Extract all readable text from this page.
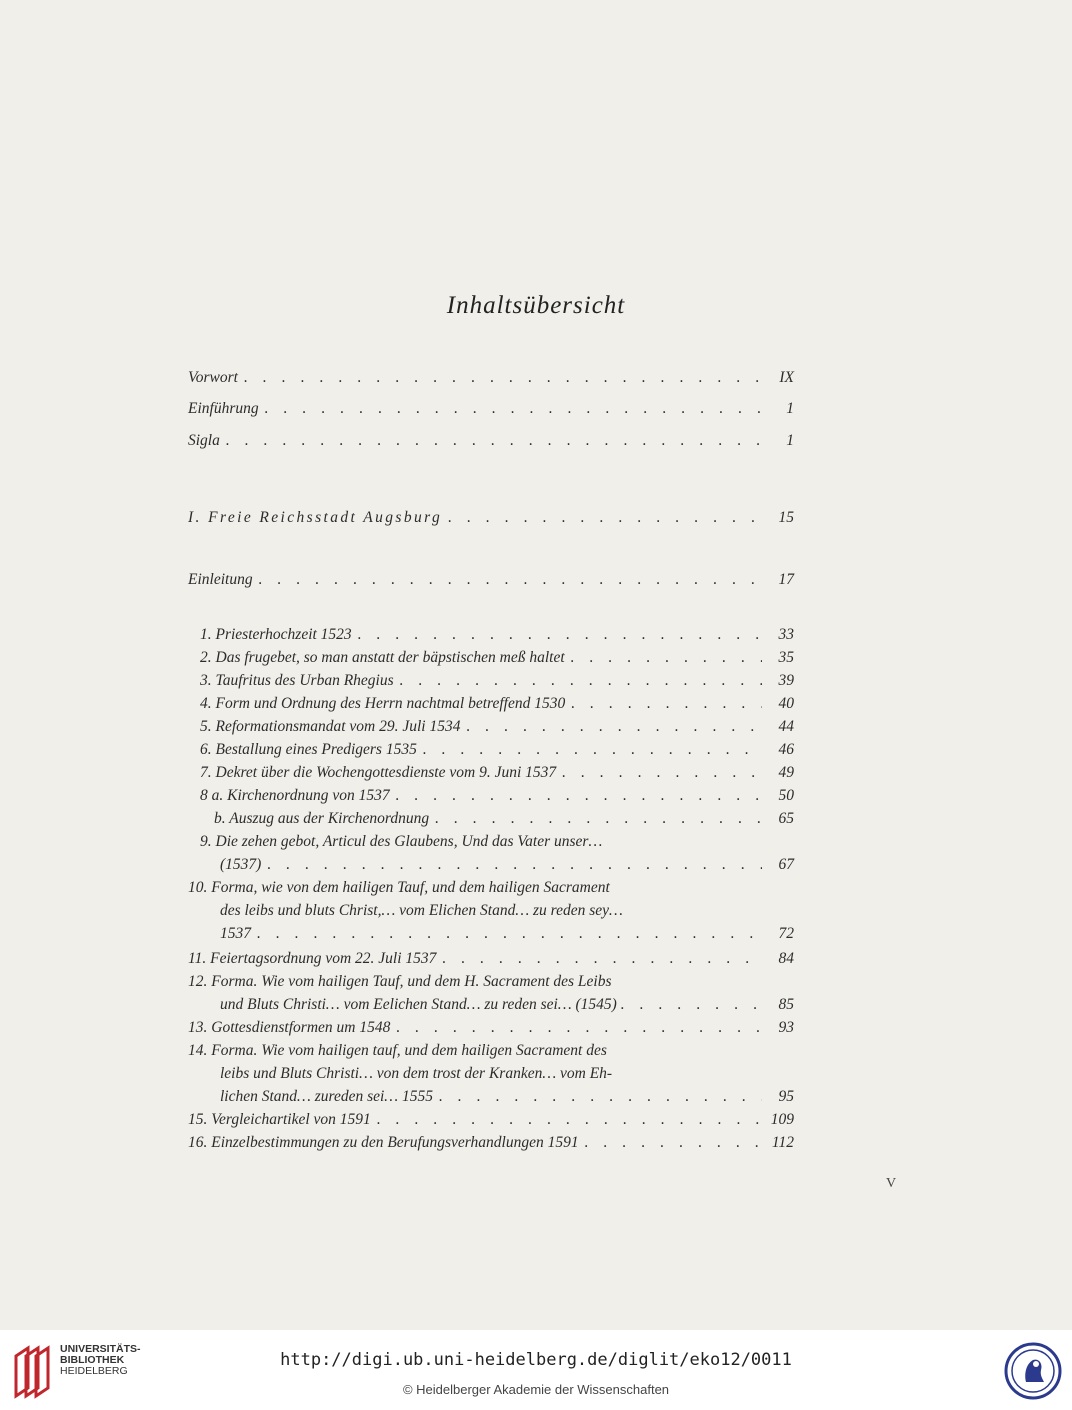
Inhaltsübersicht
Vorwort . . .	IX
Einführung . . .	1
Sigla . . .	1
I. Freie Reichsstadt Augsburg . . .	15
Einleitung . . .	17
1. Priesterhochzeit 1523 . . .	33
2. Das frugebet, so man anstatt der bäpstischen meß haltet . . .	35
3. Taufritus des Urban Rhegius . . .	39
4. Form und Ordnung des Herrn nachtmal betreffend 1530 . . .	40
5. Reformationsmandat vom 29. Juli 1534 . . .	44
6. Bestallung eines Predigers 1535 . . .	46
7. Dekret über die Wochengottesdienste vom 9. Juni 1537 . . .	49
8 a. Kirchenordnung von 1537 . . .	50
b. Auszug aus der Kirchenordnung . . .	65
9. Die zehen gebot, Articul des Glaubens, Und das Vater unser…
(1537) . . .	67
10. Forma, wie von dem hailigen Tauf, und dem hailigen Sacrament
des leibs und bluts Christ,… vom Elichen Stand… zu reden sey…
1537 . . .	72
11. Feiertagsordnung vom 22. Juli 1537 . . .	84
12. Forma. Wie vom hailigen Tauf, und dem H. Sacrament des Leibs
und Bluts Christi… vom Eelichen Stand… zu reden sei… (1545) . . .	85
13. Gottesdienstformen um 1548 . . .	93
14. Forma. Wie vom hailigen tauf, und dem hailigen Sacrament des
leibs und Bluts Christi… von dem trost der Kranken… vom Eh-
lichen Stand… zureden sei… 1555 . . .	95
15. Vergleichartikel von 1591 . . .	109
16. Einzelbestimmungen zu den Berufungsverhandlungen 1591 . . .	112
V
UNIVERSITÄTS-
BIBLIOTHEK
HEIDELBERG
http://digi.ub.uni-heidelberg.de/diglit/eko12/0011
© Heidelberger Akademie der Wissenschaften
